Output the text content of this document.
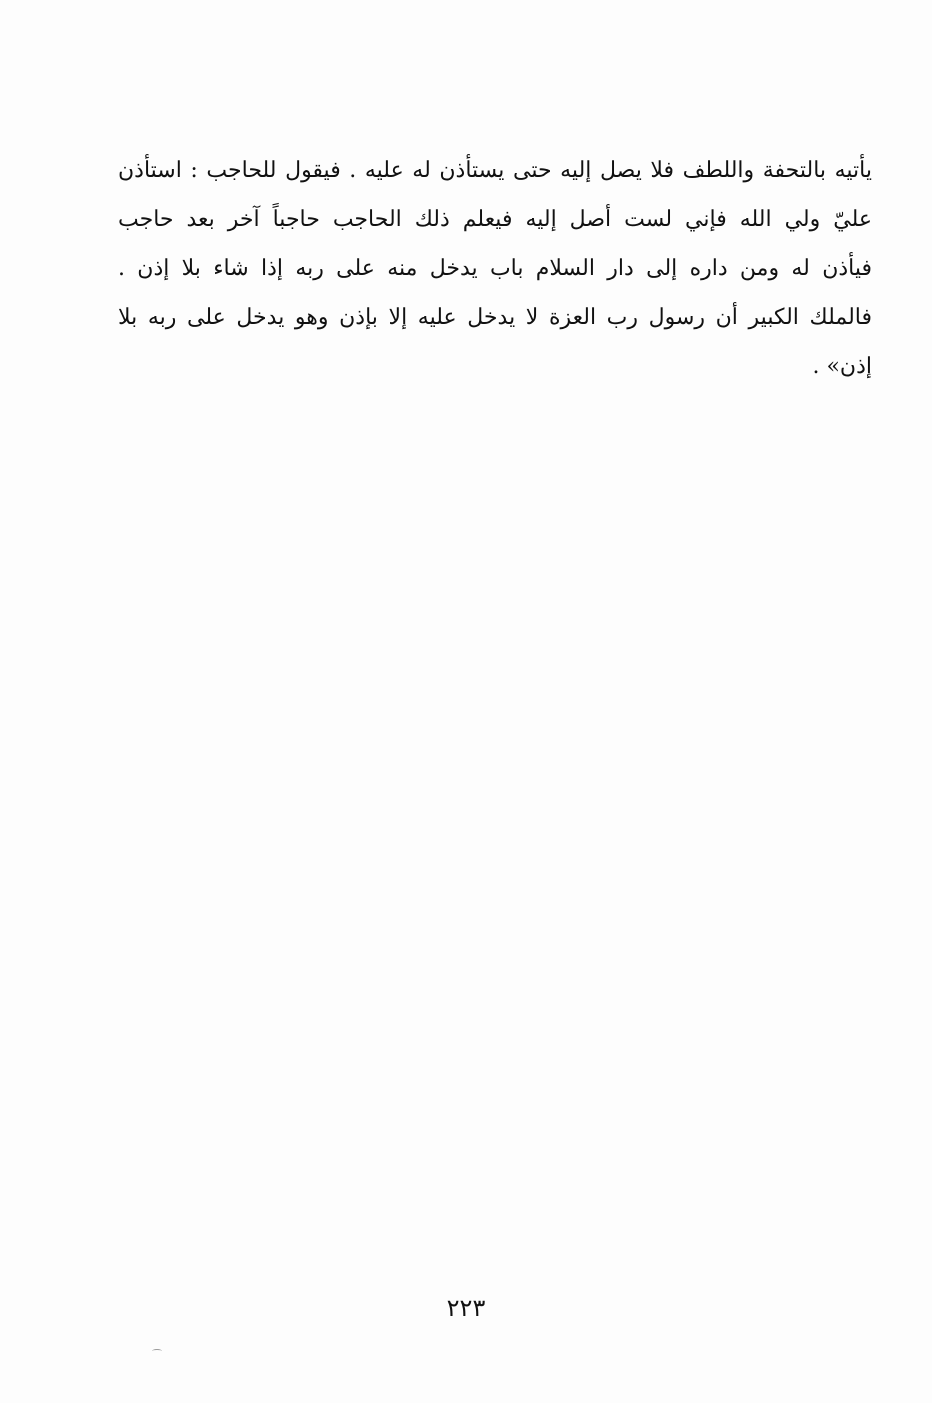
يأتيه بالتحفة واللطف فلا يصل إليه حتى يستأذن له عليه . فيقول للحاجب : استأذن
عليّ ولي الله فإني لست أصل إليه فيعلم ذلك الحاجب حاجباً آخر بعد حاجب
فيأذن له ومن داره إلى دار السلام باب يدخل منه على ربه إذا شاء بلا إذن .
فالملك الكبير أن رسول رب العزة لا يدخل عليه إلا بإذن وهو يدخل على ربه بلا
إذن» .
٢٢٣
